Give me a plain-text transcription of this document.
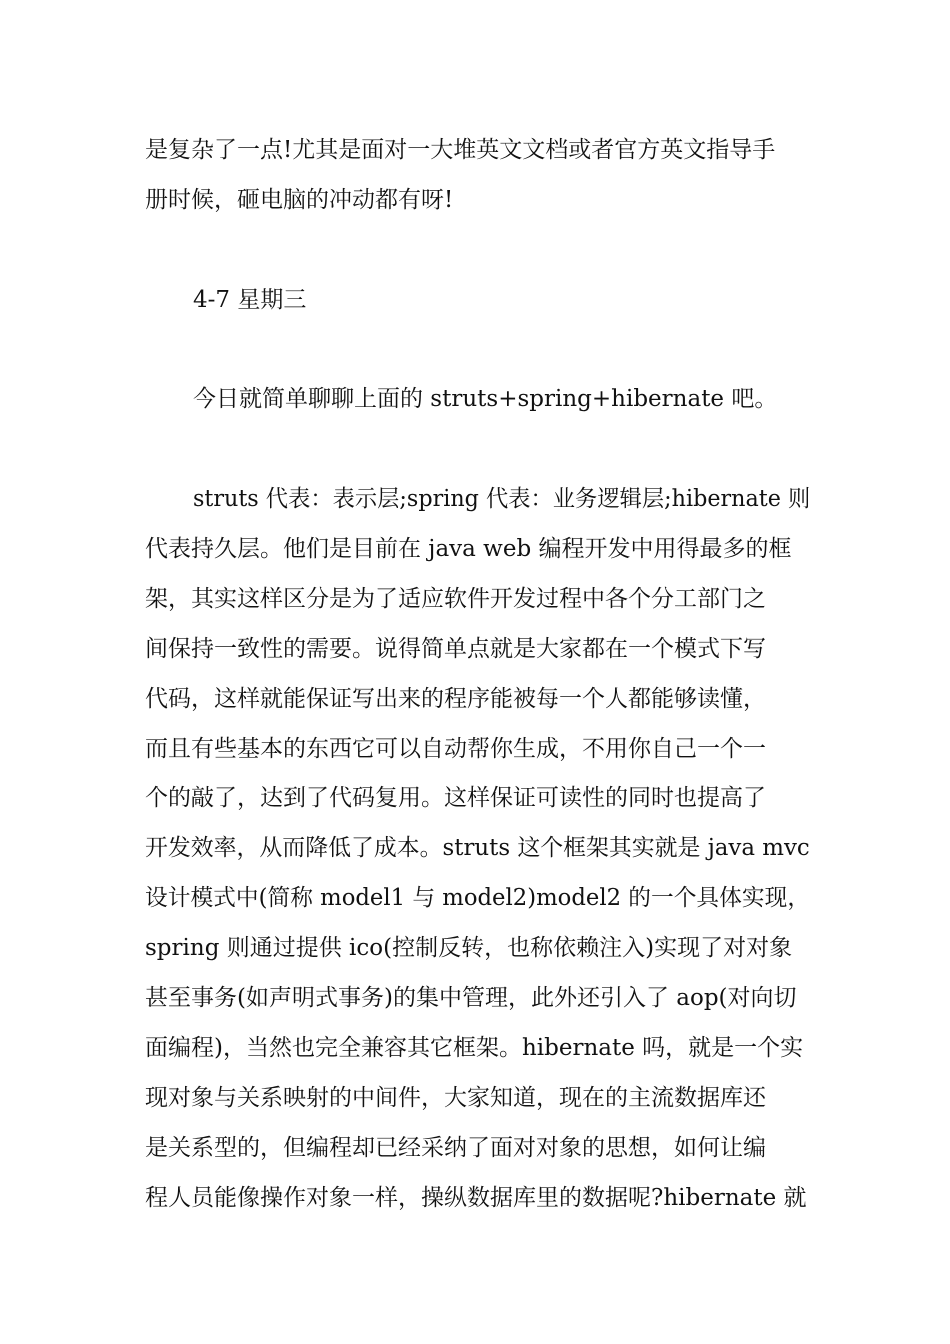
是复杂了一点!尤其是面对一大堆英文文档或者官方英文指导手
册时候，砸电脑的冲动都有呀!
4-7 星期三
今日就简单聊聊上面的 struts+spring+hibernate 吧。
struts 代表：表示层;spring 代表：业务逻辑层;hibernate 则
代表持久层。他们是目前在 java web 编程开发中用得最多的框
架，其实这样区分是为了适应软件开发过程中各个分工部门之
间保持一致性的需要。说得简单点就是大家都在一个模式下写
代码，这样就能保证写出来的程序能被每一个人都能够读懂，
而且有些基本的东西它可以自动帮你生成，不用你自己一个一
个的敲了，达到了代码复用。这样保证可读性的同时也提高了
开发效率，从而降低了成本。struts 这个框架其实就是 java mvc
设计模式中(简称 model1 与 model2)model2 的一个具体实现，
spring 则通过提供 ico(控制反转，也称依赖注入)实现了对对象
甚至事务(如声明式事务)的集中管理，此外还引入了 aop(对向切
面编程)，当然也完全兼容其它框架。hibernate 吗，就是一个实
现对象与关系映射的中间件，大家知道，现在的主流数据库还
是关系型的，但编程却已经采纳了面对对象的思想，如何让编
程人员能像操作对象一样，操纵数据库里的数据呢?hibernate 就
